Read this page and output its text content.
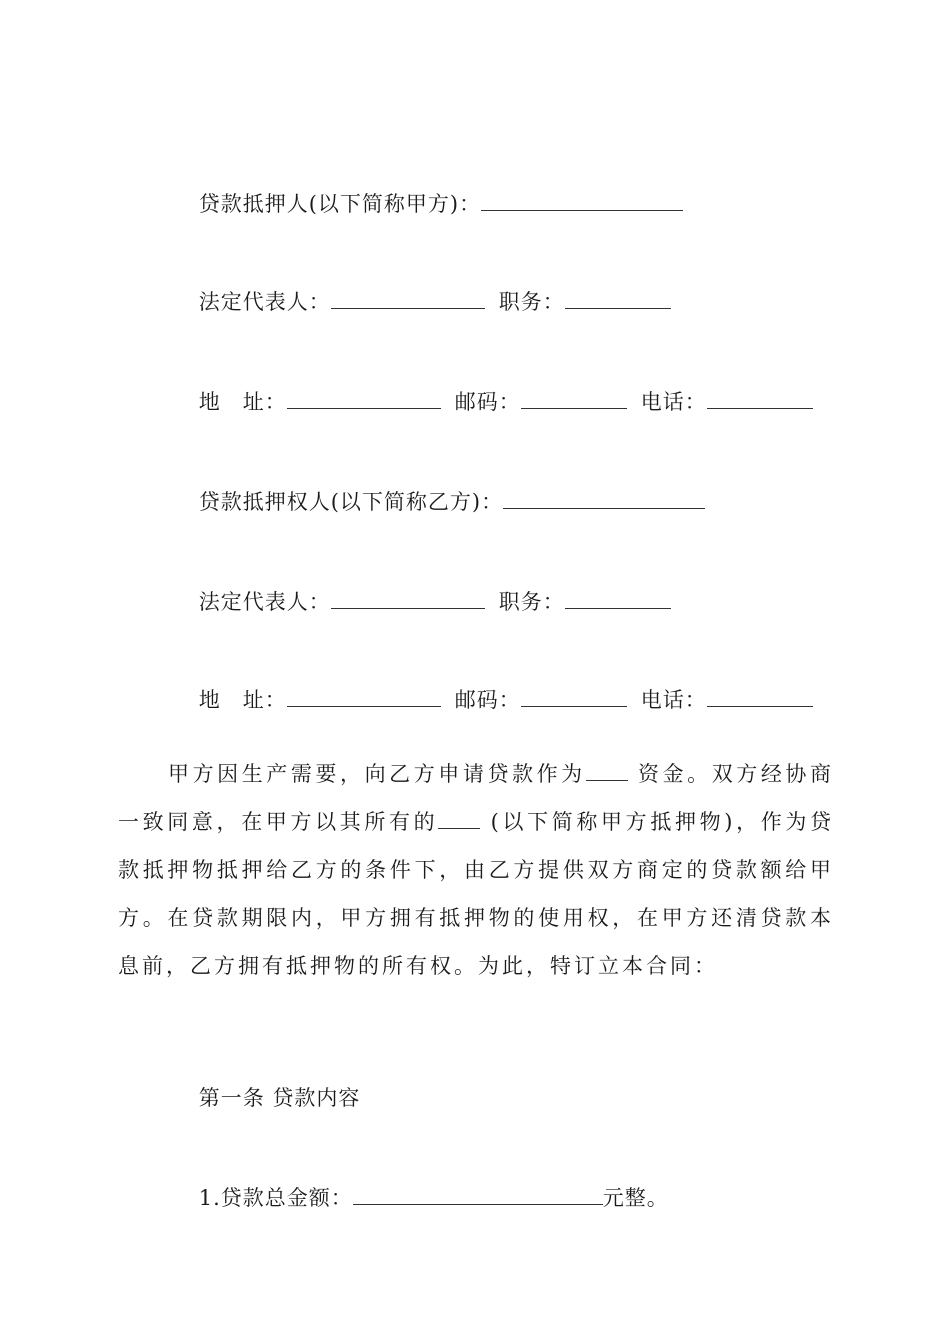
贷款抵押人(以下简称甲方)：

法定代表人：	职务：

地　址：	邮码：	电话：

贷款抵押权人(以下简称乙方)：

法定代表人：	职务：

地　址：	邮码：	电话：

甲方因生产需要，向乙方申请贷款作为 资金。双方经协商一致同意，在甲方以其所有的 (以下简称甲方抵押物)，作为贷款抵押物抵押给乙方的条件下，由乙方提供双方商定的贷款额给甲方。在贷款期限内，甲方拥有抵押物的使用权，在甲方还清贷款本息前，乙方拥有抵押物的所有权。为此，特订立本合同：

第一条 贷款内容

1.贷款总金额：	元整。
